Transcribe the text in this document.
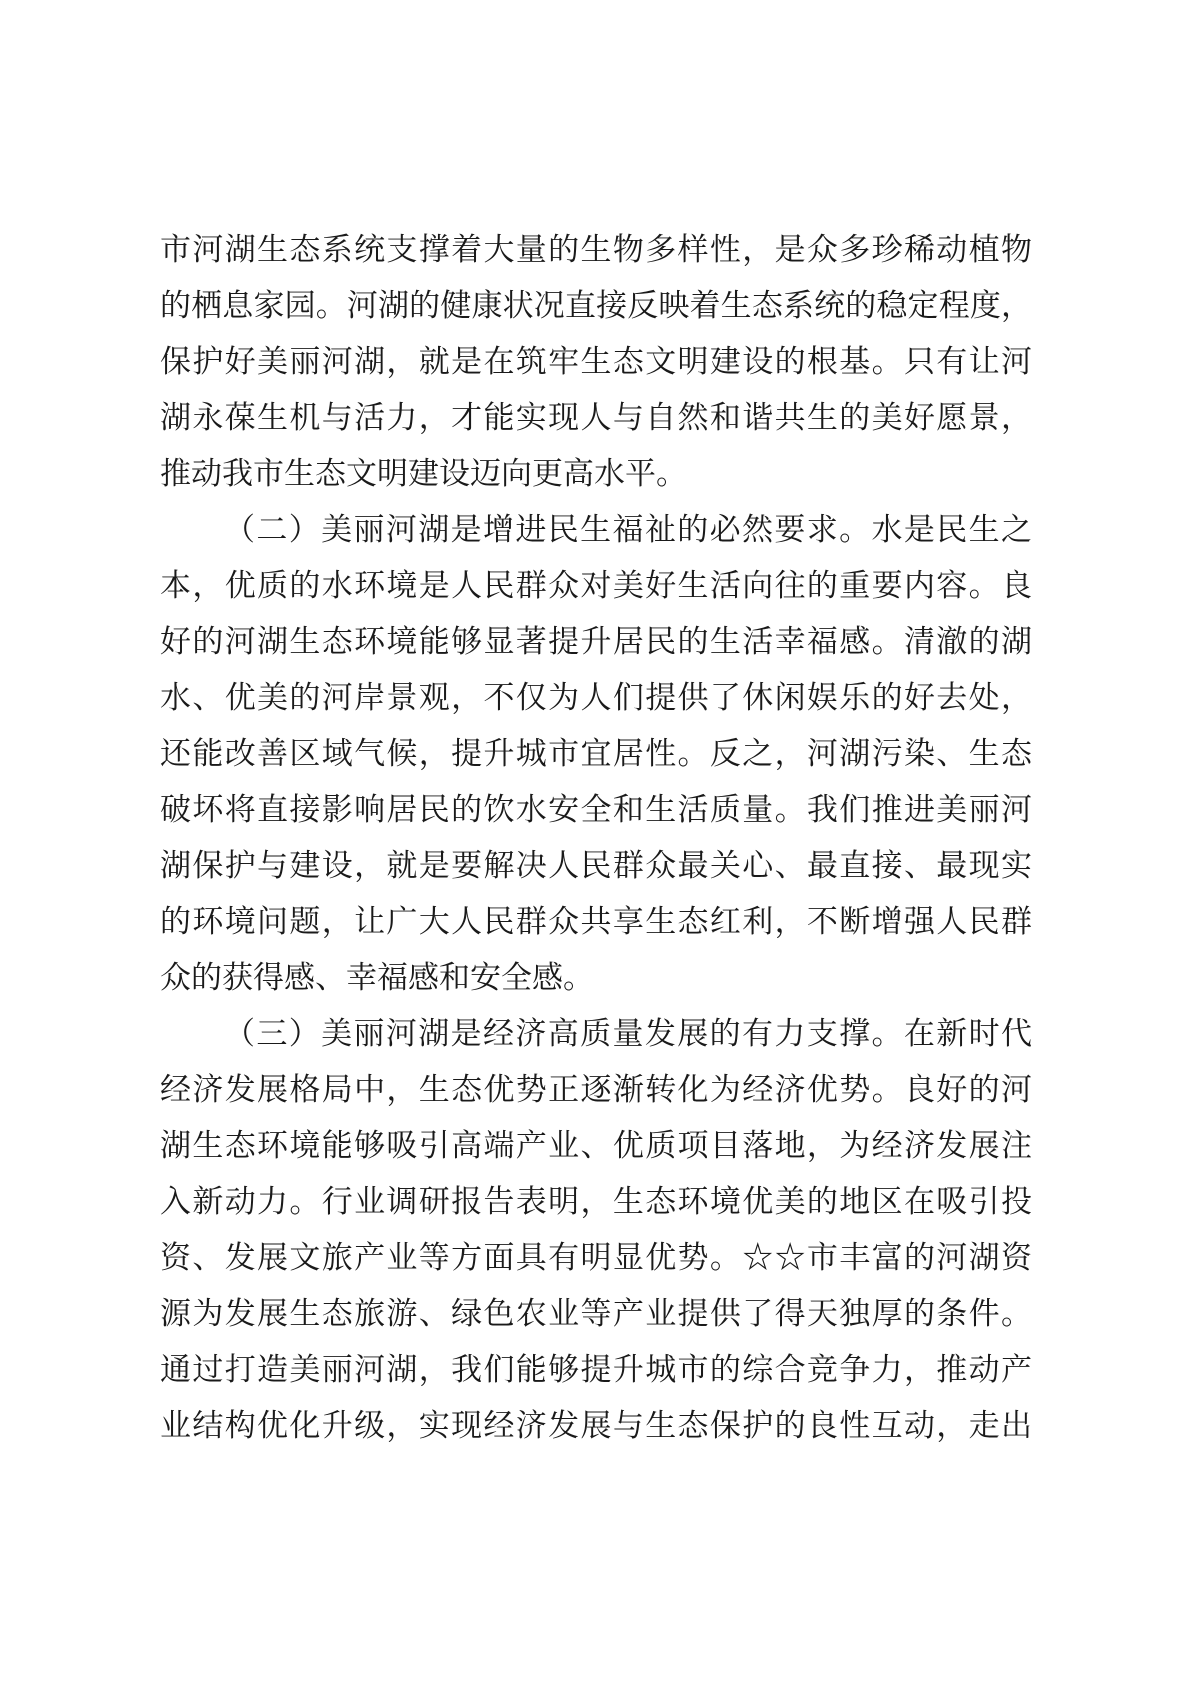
市河湖生态系统支撑着大量的生物多样性，是众多珍稀动植物
的栖息家园。河湖的健康状况直接反映着生态系统的稳定程度，
保护好美丽河湖，就是在筑牢生态文明建设的根基。只有让河
湖永葆生机与活力，才能实现人与自然和谐共生的美好愿景，
推动我市生态文明建设迈向更高水平。
（二）美丽河湖是增进民生福祉的必然要求。水是民生之
本，优质的水环境是人民群众对美好生活向往的重要内容。良
好的河湖生态环境能够显著提升居民的生活幸福感。清澈的湖
水、优美的河岸景观，不仅为人们提供了休闲娱乐的好去处，
还能改善区域气候，提升城市宜居性。反之，河湖污染、生态
破坏将直接影响居民的饮水安全和生活质量。我们推进美丽河
湖保护与建设，就是要解决人民群众最关心、最直接、最现实
的环境问题，让广大人民群众共享生态红利，不断增强人民群
众的获得感、幸福感和安全感。
（三）美丽河湖是经济高质量发展的有力支撑。在新时代
经济发展格局中，生态优势正逐渐转化为经济优势。良好的河
湖生态环境能够吸引高端产业、优质项目落地，为经济发展注
入新动力。行业调研报告表明，生态环境优美的地区在吸引投
资、发展文旅产业等方面具有明显优势。☆☆市丰富的河湖资
源为发展生态旅游、绿色农业等产业提供了得天独厚的条件。
通过打造美丽河湖，我们能够提升城市的综合竞争力，推动产
业结构优化升级，实现经济发展与生态保护的良性互动，走出
